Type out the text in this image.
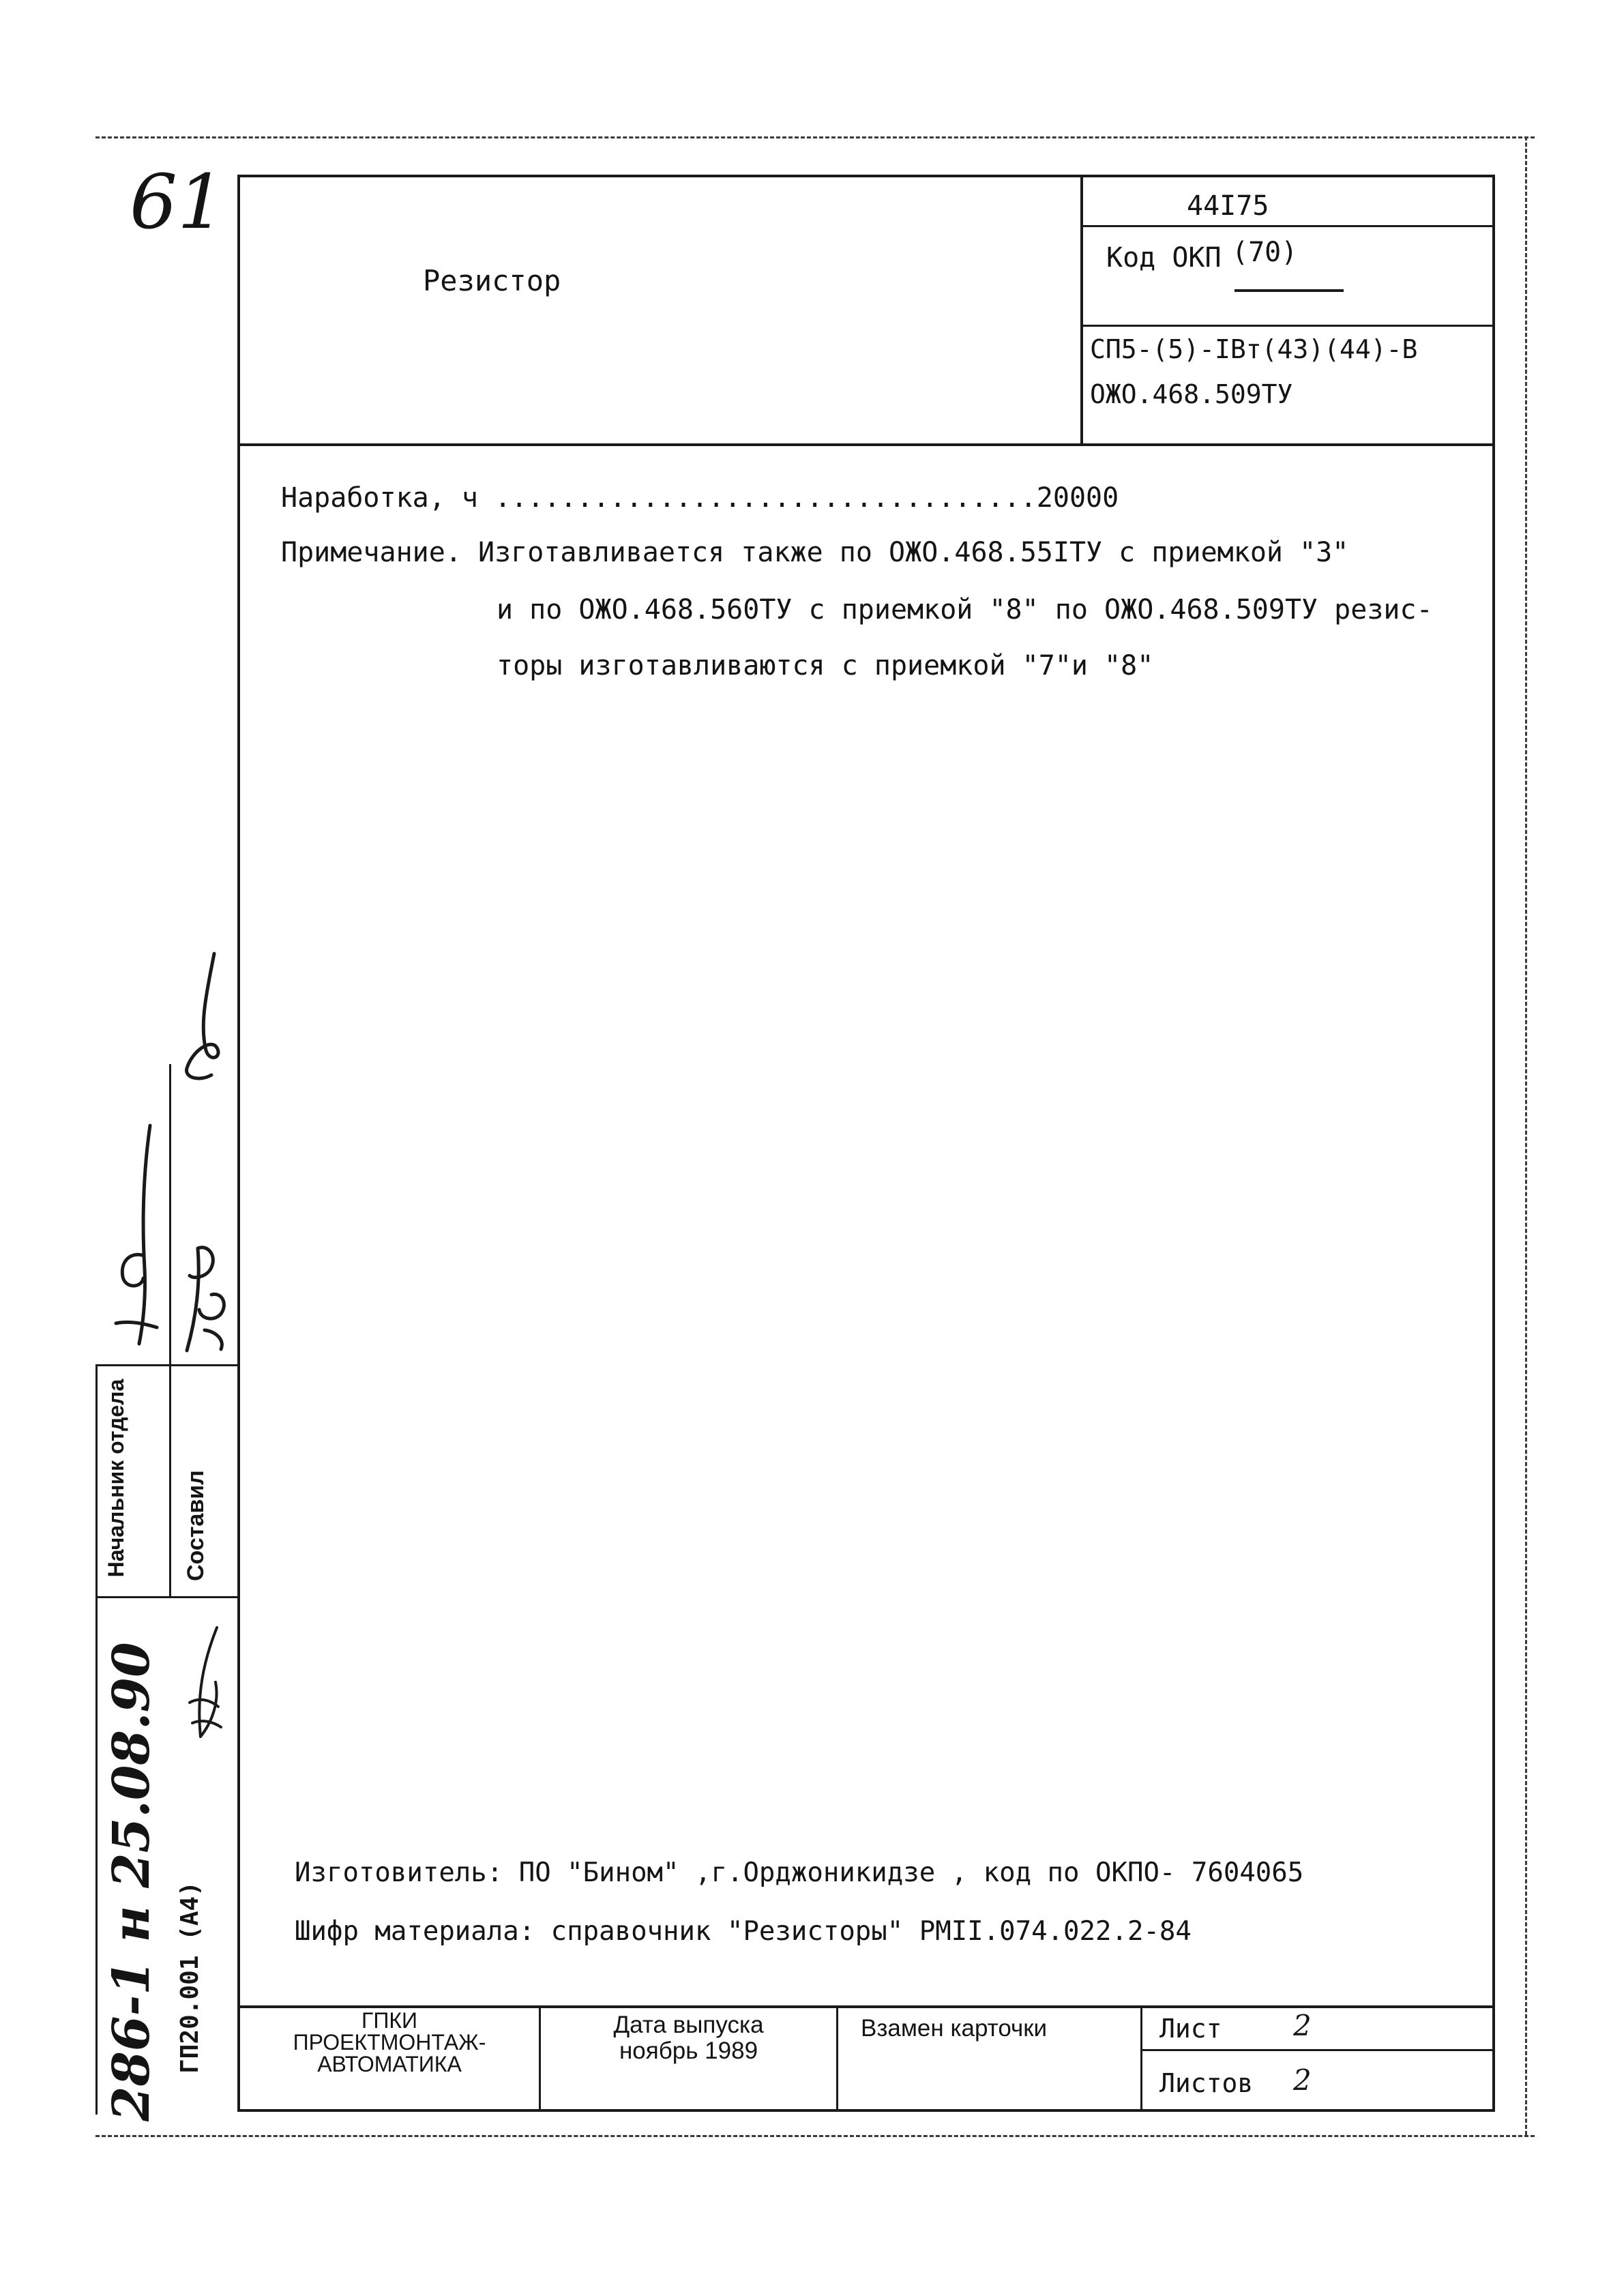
Резистор
44I75
Код ОКП (70)
СП5-(5)-IВт(43)(44)-В
ОЖО.468.509ТУ
Наработка, ч .................................20000
Примечание. Изготавливается также по ОЖО.468.55IТУ с приемкой "3"
и по ОЖО.468.560ТУ с приемкой "8" по ОЖО.468.509ТУ резис-
торы изготавливаются с приемкой "7"и "8"
Изготовитель: ПО "Бином" ,г.Орджоникидзе , код по ОКПО- 7604065
Шифр материала: справочник "Резисторы" РМII.074.022.2-84
ГПКИ
ПРОЕКТМОНТАЖ-
АВТОМАТИКА
Дата выпуска
ноябрь 1989
Взамен карточки	Лист 2
Листов 2
Начальник отдела Составил
ГП20.001 (А4)
286-1 н 25.08.90
61
